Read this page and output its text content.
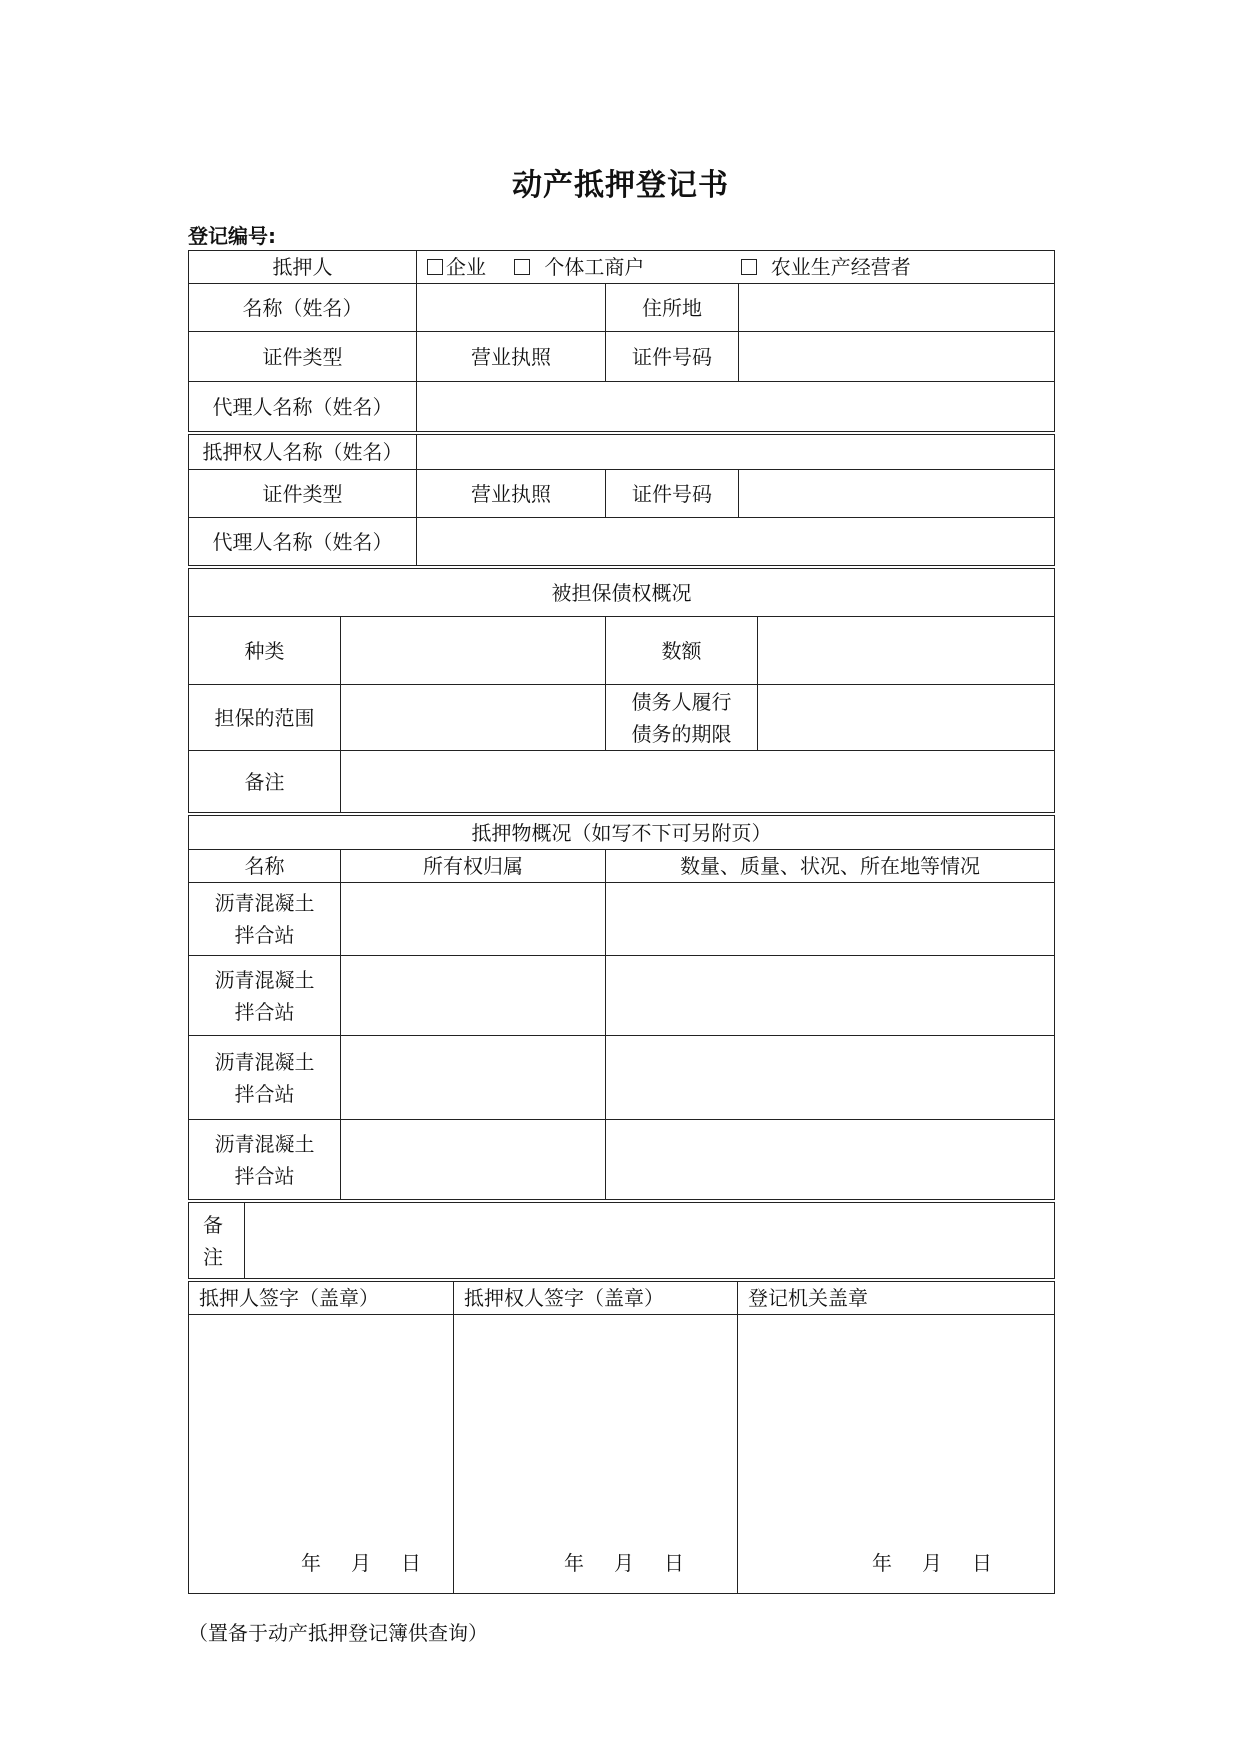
动产抵押登记书
登记编号:
抵押人	企业 个体工商户 农业生产经营者		
名称（姓名）		住所地	
证件类型	营业执照	证件号码	
代理人名称（姓名）			
抵押权人名称（姓名）			
证件类型	营业执照	证件号码	
代理人名称（姓名）			
被担保债权概况			
种类		数额	
担保的范围		债务人履行
债务的期限	

备注			
抵押物概况（如写不下可另附页）		
名称	所有权归属	数量、质量、状况、所在地等情况

沥青混凝土
拌合站		

沥青混凝土
拌合站		

沥青混凝土
拌合站		

沥青混凝土
拌合站		

备
注

抵押人签字（盖章）	抵押权人签字（盖章）	登记机关盖章

年 月 日	年 月 日	年 月 日
（置备于动产抵押登记簿供查询）
